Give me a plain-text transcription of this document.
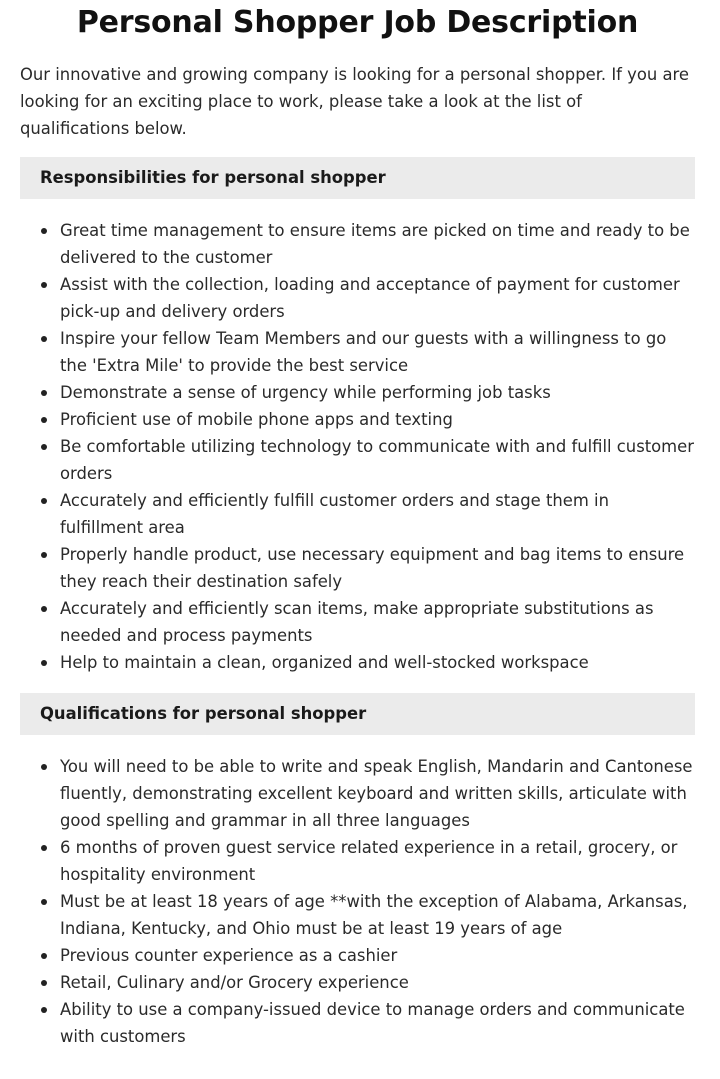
Personal Shopper Job Description

Our innovative and growing company is looking for a personal shopper. If you are looking for an exciting place to work, please take a look at the list of qualifications below.

Responsibilities for personal shopper
Great time management to ensure items are picked on time and ready to be delivered to the customer
Assist with the collection, loading and acceptance of payment for customer pick-up and delivery orders
Inspire your fellow Team Members and our guests with a willingness to go the 'Extra Mile' to provide the best service
Demonstrate a sense of urgency while performing job tasks
Proficient use of mobile phone apps and texting
Be comfortable utilizing technology to communicate with and fulfill customer orders
Accurately and efficiently fulfill customer orders and stage them in fulfillment area
Properly handle product, use necessary equipment and bag items to ensure they reach their destination safely
Accurately and efficiently scan items, make appropriate substitutions as needed and process payments
Help to maintain a clean, organized and well-stocked workspace
Qualifications for personal shopper
You will need to be able to write and speak English, Mandarin and Cantonese fluently, demonstrating excellent keyboard and written skills, articulate with good spelling and grammar in all three languages
6 months of proven guest service related experience in a retail, grocery, or hospitality environment
Must be at least 18 years of age **with the exception of Alabama, Arkansas, Indiana, Kentucky, and Ohio must be at least 19 years of age
Previous counter experience as a cashier
Retail, Culinary and/or Grocery experience
Ability to use a company-issued device to manage orders and communicate with customers
